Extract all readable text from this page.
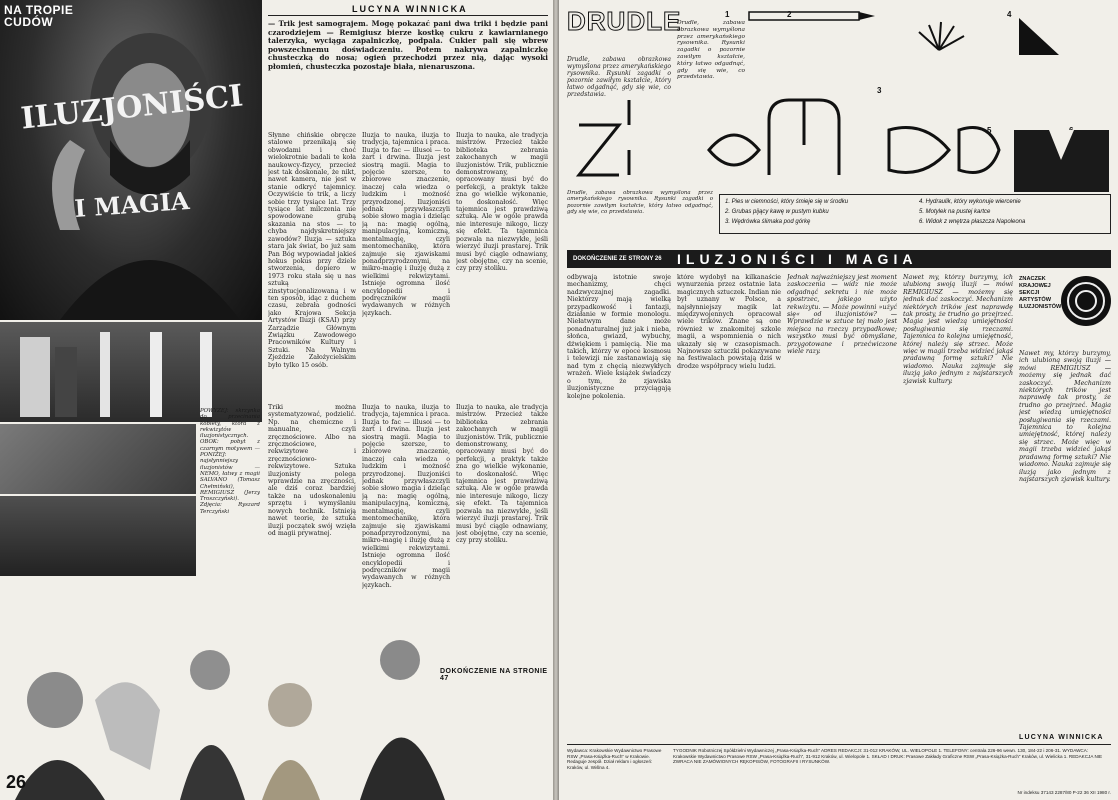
NA TROPIE CUDÓW
ILUZJONIŚCI
I MAGIA
LUCYNA WINNICKA
— Trik jest samograjem. Mogę pokazać pani dwa triki i będzie pani czarodziejem — Remigiusz bierze kostkę cukru z kawiarnianego talerzyka, wyciąga zapalniczkę, podpala. Cukier pali się wbrew powszechnemu doświadczeniu. Potem nakrywa zapalniczkę chusteczką do nosa; ogień przechodzi przez nią, dając wysoki płomień, chusteczka pozostaje biała, nienaruszona.
Słynne chińskie obręcze stalowe przenikają się obwodami i choć wielokrotnie badali te koła naukowcy-fizycy, przecież jest tak doskonale, że nikt, nawet kamera, nie jest w stanie odkryć tajemnicy. Oczywiście to trik, a liczy sobie trzy tysiące lat. Trzy tysiące lat milczenia nie spowodowane grubą skazania na stos — to chyba najdyskretniejszy zawodów? Iluzja — sztuka stara jak świat, bo już sam Pan Bóg wypowiadał jakieś hokus pokus przy dziele stworzenia, dopiero w 1973 roku stała się u nas sztuką zinstytucjonalizowaną i w ten sposób, idąc z duchem czasu, zebrała godności jako Krajowa Sekcja Artystów Iluzji (KSAI) przy Zarządzie Głównym Związku Zawodowego Pracowników Kultury i Sztuki. Na Walnym Zjeździe Założycielskim było tylko 15 osób.
Iluzja to nauka, iluzja to tradycja, tajemnica i praca. Iluzja to fac — illusoi — to żart i drwina. Iluzja jest siostrą magii. Magia to pojęcie szersze, to zbiorowe znaczenie, inaczej cała wiedza o ludzkim i możność przyrodzonej. Iluzjoniści jednak przywłaszczyli sobie słowo magia i dzieląc ją na: magię ogólną, manipulacyjną, komiczną, mentalmagię, czyli mentomechanikę, która zajmuje się zjawiskami ponadprzyrodzonymi, na mikro-magię i iluzję dużą z wielkimi rekwizytami. Istnieje ogromna ilość encyklopedii i podręczników magii wydawanych w różnych językach.
Iluzja to nauka, ale tradycja mistrzów. Przecież także biblioteka zebrania zakochanych w magii iluzjonistów. Trik, publicznie demonstrowany, opracowany musi być do perfekcji, a praktyk także zna go wielkie wykonanie, to doskonałość. Więc tajemnica jest prawdziwą sztuką. Ale w ogóle prawda nie interesuje nikogo, liczy się efekt. Ta tajemnica pozwala na niezwykłe, jeśli wierzyć iluzji prastarej. Trik musi być ciągle odnawiany, jest obojętne, czy na scenie, czy przy stoliku.
POWYŻEJ: skrzynka do przecinania kobiety, która z rekwizytów iluzjonistycznych. OBOK: pobyt z czarnym motywem — PONIŻEJ: najsłynniejszy iluzjonistów — NEMO, łatwy z magii SALVANO (Tomasz Chełmiński), REMIGIUSZ (Jerzy Troszczyński). Zdjęcia: Ryszard Terczyński
Triki można systematyzować, podzielić. Np. na chemiczne i manualne, czyli zręcznościowe. Albo na zręcznościowe, rekwizytowe i zręcznościowo-rekwizytowe. Sztuka iluzjonisty polega wprawdzie na zręczności, ale dziś coraz bardziej także na udoskonaleniu sprzętu i wymyślaniu nowych technik. Istnieją nawet teorie, że sztuka iluzji początek swój wzięła od magii prywatnej.
Iluzja to nauka, iluzja to tradycja, tajemnica i praca. Iluzja to fac — illusoi — to żart i drwina. Iluzja jest siostrą magii. Magia to pojęcie szersze, to zbiorowe znaczenie, inaczej cała wiedza o ludzkim i możność przyrodzonej. Iluzjoniści jednak przywłaszczyli sobie słowo magia i dzieląc ją na: magię ogólną, manipulacyjną, komiczną, mentalmagię, czyli mentomechanikę, która zajmuje się zjawiskami ponadprzyrodzonymi, na mikro-magię i iluzję dużą z wielkimi rekwizytami. Istnieje ogromna ilość encyklopedii i podręczników magii wydawanych w różnych językach.
Iluzja to nauka, ale tradycja mistrzów. Przecież także biblioteka zebrania zakochanych w magii iluzjonistów. Trik, publicznie demonstrowany, opracowany musi być do perfekcji, a praktyk także zna go wielkie wykonanie, to doskonałość. Więc tajemnica jest prawdziwą sztuką. Ale w ogóle prawda nie interesuje nikogo, liczy się efekt. Ta tajemnica pozwala na niezwykłe, jeśli wierzyć iluzji prastarej. Trik musi być ciągle odnawiany, jest obojętne, czy na scenie, czy przy stoliku.
DOKOŃCZENIE NA STRONIE 47
26
DRUDLE
Drudle, zabawa obrazkowa wymyślona przez amerykańskiego rysownika. Rysunki zagadki o pozornie zawiłym kształcie, który łatwo odgadnąć, gdy się wie, co przedstawia.
Drudle, zabawa obrazkowa wymyślona przez amerykańskiego rysownika. Rysunki zagadki o pozornie zawiłym kształcie, który łatwo odgadnąć, gdy się wie, co przedstawia.
1	2
3
4
5
1. Pies w ciemności, który śmieje się w środku
2. Grubas pijący kawę w pustym kubku
3. Wędrówka ślimaka pod górkę
4. Hydraulik, który wykonuje wiercenie
5. Motylek na pustej kartce
6. Widok z wnętrza płaszcza Napoleona
Drudle, zabawa obrazkowa wymyślona przez amerykańskiego rysownika. Rysunki zagadki o pozornie zawiłym kształcie, który łatwo odgadnąć, gdy się wie, co przedstawia.
DOKOŃCZENIE ZE STRONY 26	ILUZJONIŚCI I MAGIA
odbywają istotnie swoje mechanizmy, chęci nadzwyczajnej zagadki. Niektórzy mają wielką przypadkowość i fantazji, działanie w formie monologu. Niełatwym dane może ponadnaturalnej już jak i nieba, słońca, gwiazd, wybuchy, dźwiękiem i pamięcią. Nie ma takich, którzy w epoce kosmosu i telewizji nie zastanawiają się nad tym z chęcią niezwykłych wrażeń. Wiele książek świadczy o tym, że zjawiska iluzjonistyczne przyciągają kolejne pokolenia.
które wydobył na kilkanaście wynurzenia przez ostatnie lata magicznych sztuczek. Indian nie był uznany w Polsce, a najsłynniejszy magik lat międzywojennych opracował wiele trików. Znane są one również w znakomitej szkole magii, a wspomnienia o nich ukazały się w czasopismach. Najnowsze sztuczki pokazywane na festiwalach powstają dziś w drodze współpracy wielu ludzi.
Jednak najważniejszy jest moment zaskoczenia — widz nie może odgadnąć sekretu i nie może spostrzec, jakiego użyto rekwizytu. — Może powinni »użyć się« od iluzjonistów? — Wprawdzie w sztuce tej mało jest miejsca na rzeczy przypadkowe; wszystko musi być obmyślane, przygotowane i przećwiczone wiele razy.
Nawet my, którzy burzymy, ich ulubioną swoją iluzji — mówi REMIGIUSZ — możemy się jednak dać zaskoczyć. Mechanizm niektórych trików jest naprawdę tak prosty, że trudno go przejrzeć. Magia jest wiedzą umiejętności posługiwania się rzeczami. Tajemnica to kolejna umiejętność, której należy się strzec. Może więc w magii trzeba widzieć jakąś pradawną formę sztuki? Nie wiadomo. Nauka zajmuje się iluzją jako jednym z najstarszych zjawisk kultury.
Nawet my, którzy burzymy, ich ulubioną swoją iluzji — mówi REMIGIUSZ — możemy się jednak dać zaskoczyć. Mechanizm niektórych trików jest naprawdę tak prosty, że trudno go przejrzeć. Magia jest wiedzą umiejętności posługiwania się rzeczami. Tajemnica to kolejna umiejętność, której należy się strzec. Może więc w magii trzeba widzieć jakąś pradawną formę sztuki? Nie wiadomo. Nauka zajmuje się iluzją jako jednym z najstarszych zjawisk kultury.
ZNACZEK KRAJOWEJ SEKCJI ARTYSTÓW ILUZJONISTÓW
LUCYNA WINNICKA
Wydawca: Krakowskie Wydawnictwo Prasowe RSW „Prasa-Książka-Ruch” w Krakowie. Redaguje zespół. Dział reklam i ogłoszeń: Kraków, ul. Wiślna 4.
TYGODNIK Robotniczej Spółdzielni Wydawniczej „Prasa-Książka-Ruch” ADRES REDAKCJI: 31-012 KRAKÓW, UL. WIELOPOLE 1. TELEFONY: centrala 226-96 wewn. 130, 184-22 i 206-31. WYDAWCA: Krakowskie Wydawnictwo Prasowe RSW „Prasa-Książka-Ruch”, 31-912 Kraków, ul. Wielopole 1. SKŁAD I DRUK: Prasowe Zakłady Graficzne RSW „Prasa-Książka-Ruch” Kraków, ul. Wielicka 1. REDAKCJA NIE ZWRACA NIE ZAMÓWIONYCH RĘKOPISÓW, FOTOGRAFII I RYSUNKÓW.
Nr indeksu 37143 2287/80 P-22 36 XII 1980 r.
